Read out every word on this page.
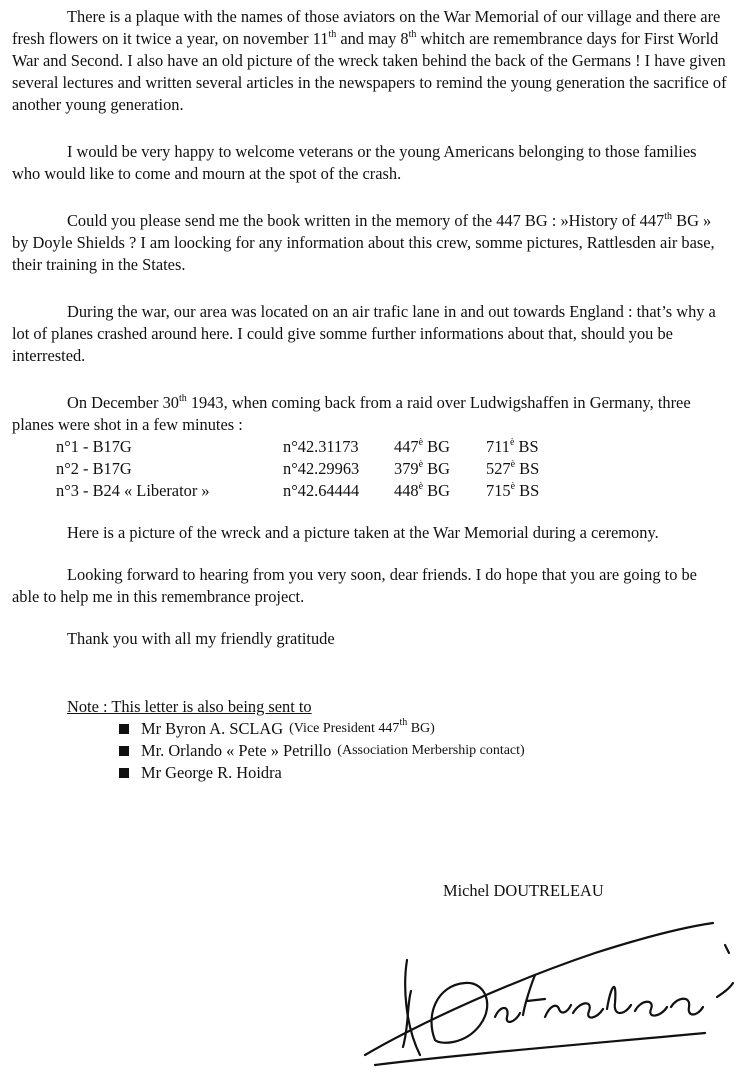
There is a plaque with the names of those aviators on the War Memorial of our village and there are fresh flowers on it twice a year, on november 11th and may 8th whitch are remembrance days for First World War and Second. I also have an old picture of the wreck taken behind the back of the Germans ! I have given several lectures and written several articles in the newspapers to remind the young generation the sacrifice of another young generation.

I would be very happy to welcome veterans or the young Americans belonging to those families who would like to come and mourn at the spot of the crash.

Could you please send me the book written in the memory of the 447 BG : »History of 447th BG » by Doyle Shields ? I am loocking for any information about this crew, somme pictures, Rattlesden air base, their training in the States.

During the war, our area was located on an air trafic lane in and out towards England : that’s why a lot of planes crashed around here. I could give somme further informations about that, should you be interrested.

On December 30th 1943, when coming back from a raid over Ludwigshaffen in Germany, three planes were shot in a few minutes :

n°1 - B17G	n°42.31173	$447^è$ BG	$711^è$ BS
n°2 - B17G	n°42.29963	$379^è$ BG	$527^è$ BS
n°3 - B24 « Liberator »	n°42.64444	$448^è$ BG	$715^è$ BS

Here is a picture of the wreck and a picture taken at the War Memorial during a ceremony.

Looking forward to hearing from you very soon, dear friends. I do hope that you are going to be able to help me in this remembrance project.

Thank you with all my friendly gratitude

Note : This letter is also being sent to
Mr Byron A. SCLAG (Vice President 447th BG)
Mr. Orlando « Pete » Petrillo (Association Merbership contact)
Mr George R. Hoidra
Michel DOUTRELEAU
Doutreleau
